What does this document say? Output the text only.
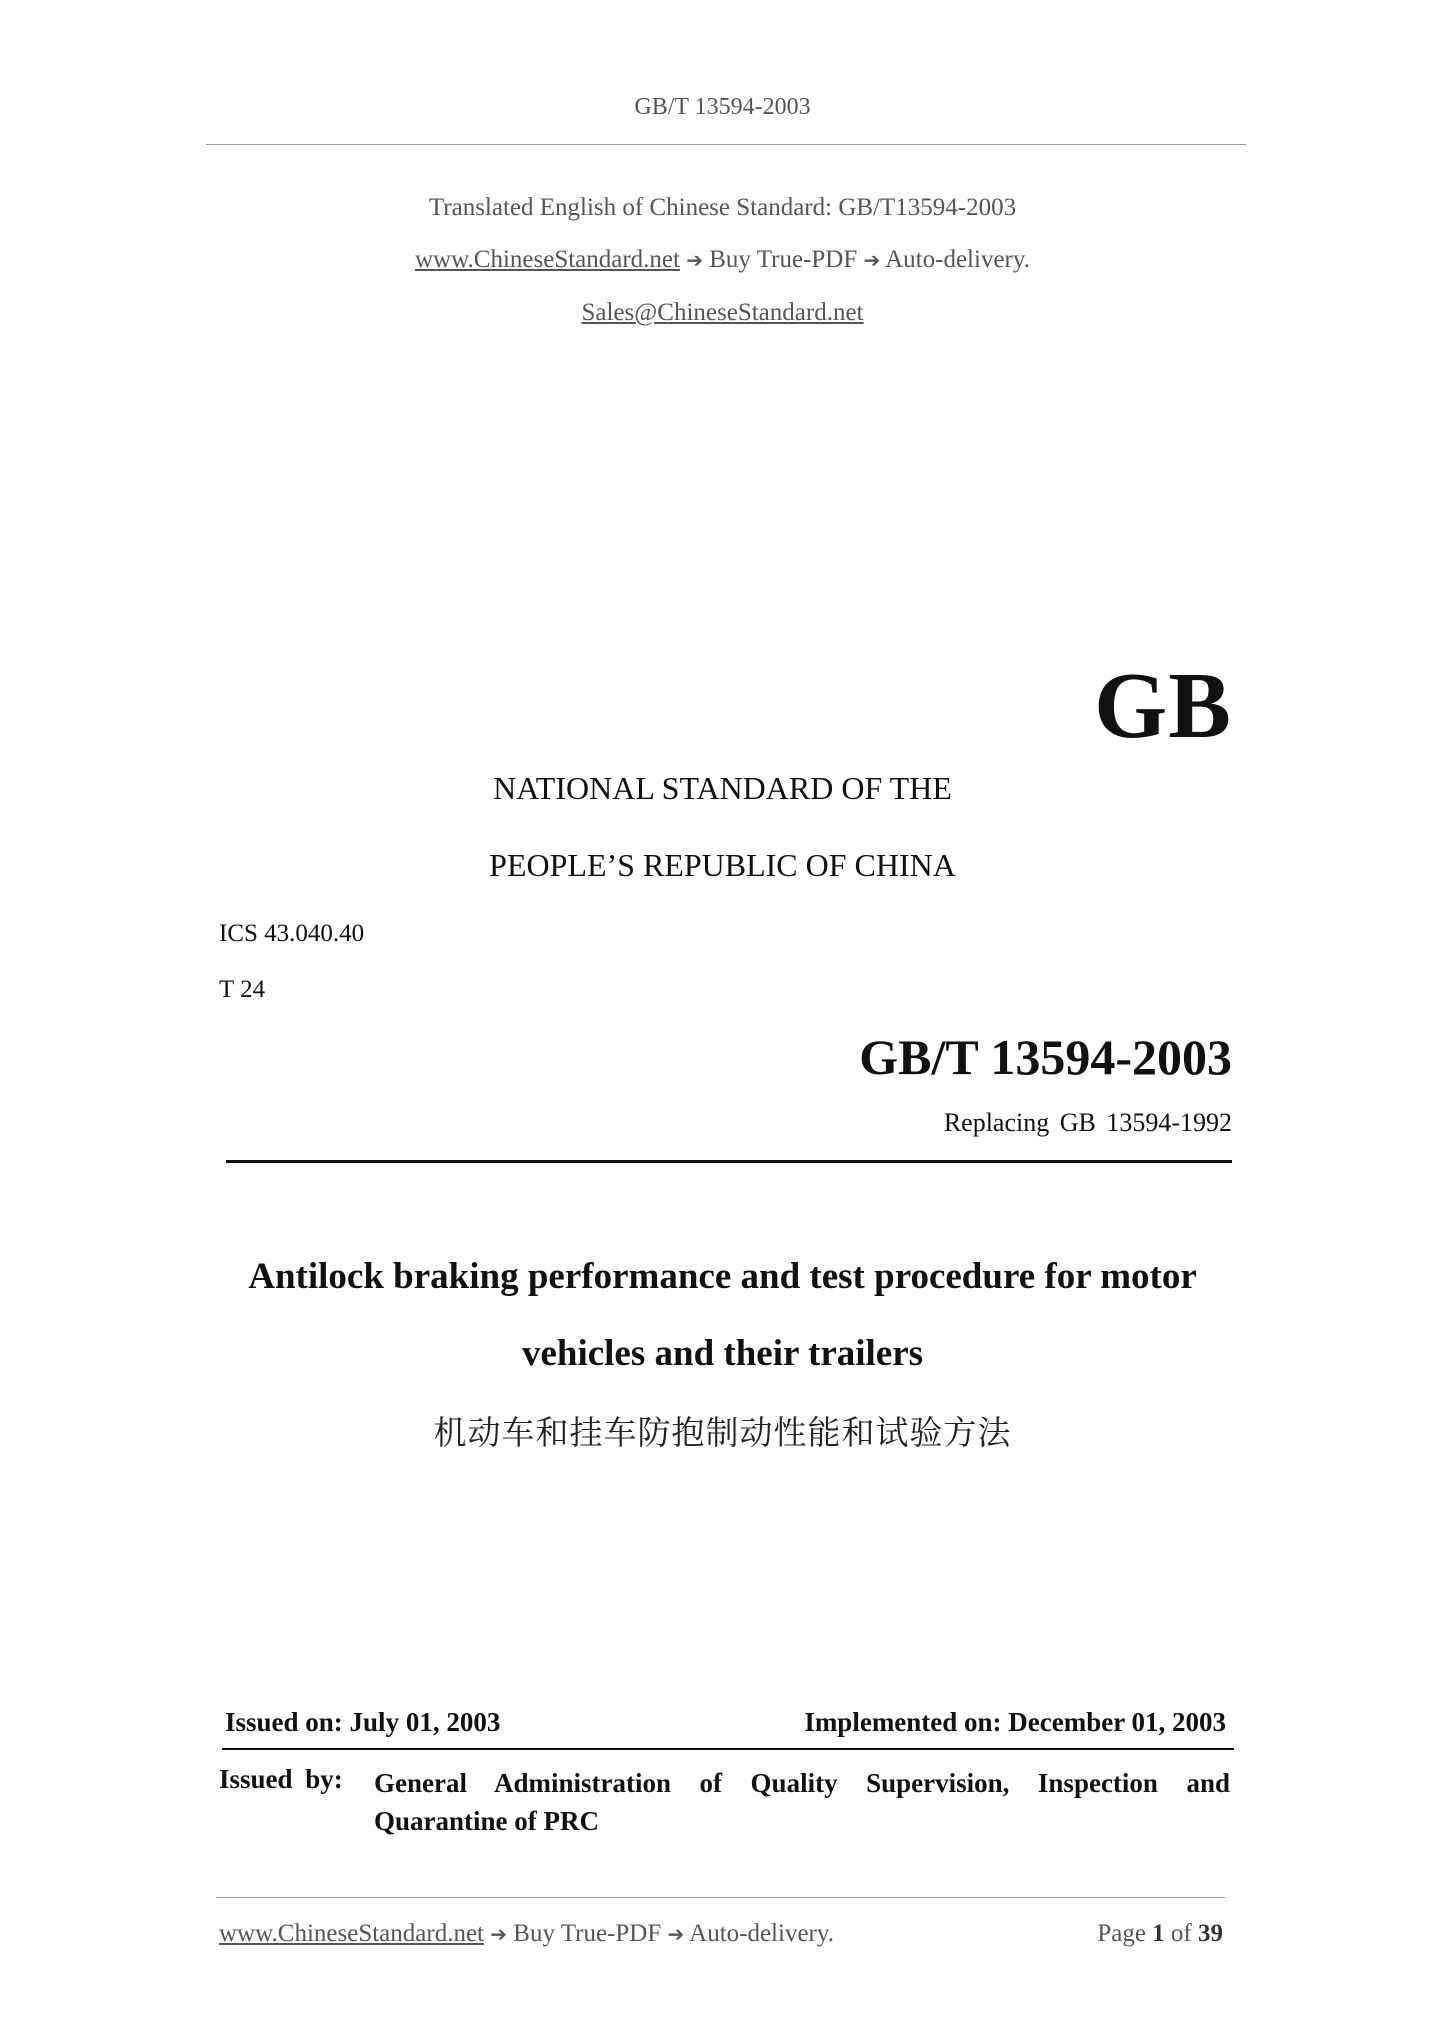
GB/T 13594-2003
Translated English of Chinese Standard: GB/T13594-2003
www.ChineseStandard.net ➔ Buy True-PDF ➔ Auto-delivery.
Sales@ChineseStandard.net
GB
NATIONAL STANDARD OF THE
PEOPLE’S REPUBLIC OF CHINA
ICS 43.040.40
T 24
GB/T 13594-2003
Replacing GB 13594-1992
Antilock braking performance and test procedure for motor
vehicles and their trailers
机动车和挂车防抱制动性能和试验方法
Issued on: July 01, 2003	Implemented on: December 01, 2003
Issued by: General Administration of Quality Supervision, Inspection and Quarantine of PRC
www.ChineseStandard.net ➔ Buy True-PDF ➔ Auto-delivery.	Page 1 of 39
